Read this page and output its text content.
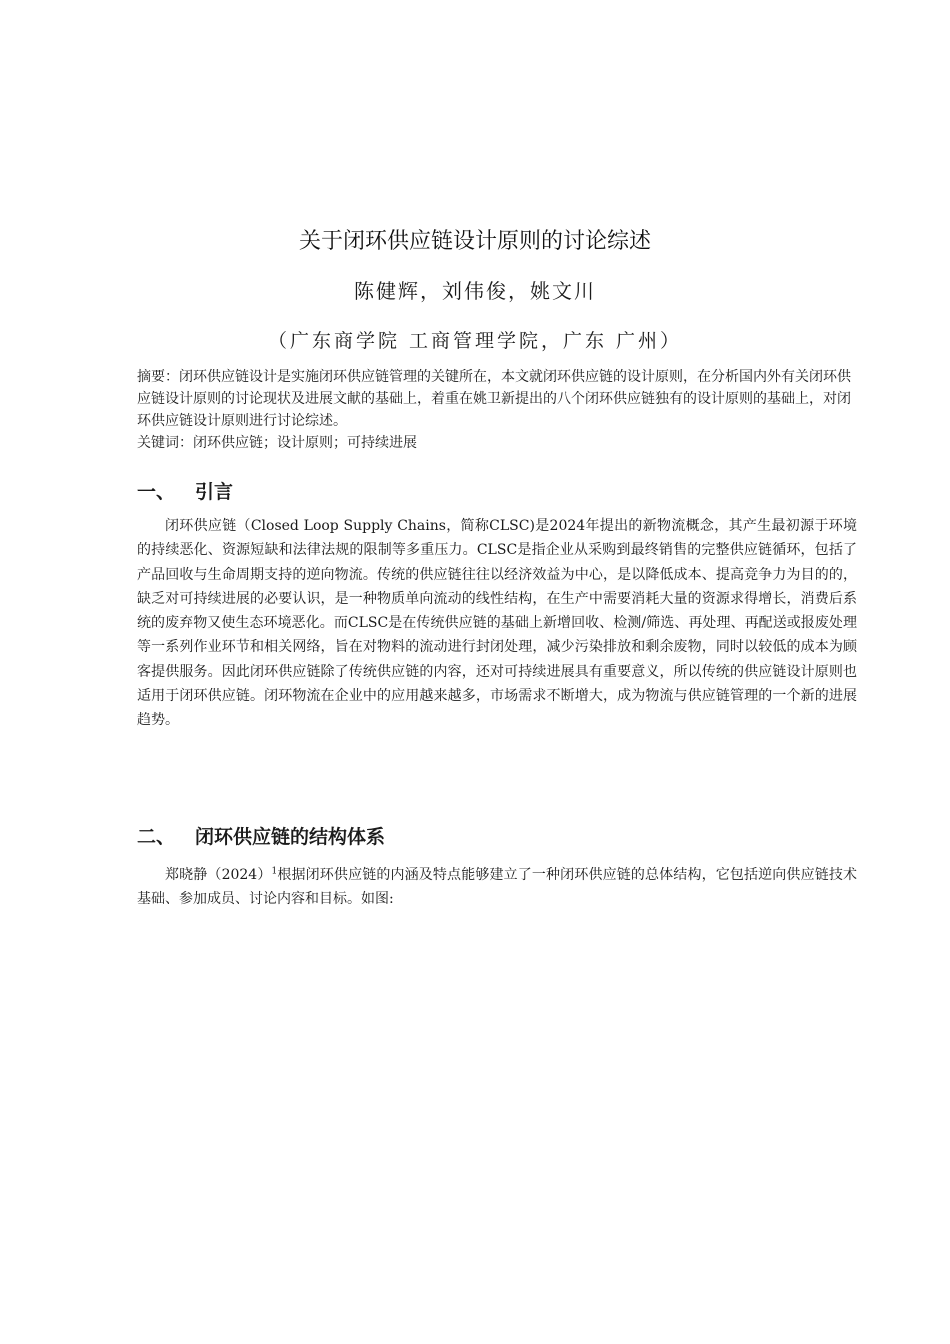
关于闭环供应链设计原则的讨论综述
陈健辉，刘伟俊，姚文川
（广东商学院 工商管理学院，广东 广州）

摘要：闭环供应链设计是实施闭环供应链管理的关键所在，本文就闭环供应链的设计原则，在分析国内外有关闭环供应链设计原则的讨论现状及进展文献的基础上，着重在姚卫新提出的八个闭环供应链独有的设计原则的基础上，对闭环供应链设计原则进行讨论综述。

关键词：闭环供应链；设计原则；可持续进展

一、 引言

闭环供应链（Closed Loop Supply Chains，简称CLSC)是2024年提出的新物流概念，其产生最初源于环境的持续恶化、资源短缺和法律法规的限制等多重压力。CLSC是指企业从采购到最终销售的完整供应链循环，包括了产品回收与生命周期支持的逆向物流。传统的供应链往往以经济效益为中心，是以降低成本、提高竞争力为目的的，缺乏对可持续进展的必要认识，是一种物质单向流动的线性结构，在生产中需要消耗大量的资源求得增长，消费后系统的废弃物又使生态环境恶化。而CLSC是在传统供应链的基础上新增回收、检测/筛选、再处理、再配送或报废处理等一系列作业环节和相关网络，旨在对物料的流动进行封闭处理，减少污染排放和剩余废物，同时以较低的成本为顾客提供服务。因此闭环供应链除了传统供应链的内容，还对可持续进展具有重要意义，所以传统的供应链设计原则也适用于闭环供应链。闭环物流在企业中的应用越来越多，市场需求不断增大，成为物流与供应链管理的一个新的进展趋势。

二、 闭环供应链的结构体系

郑晓静$(2024)^1$根据闭环供应链的内涵及特点能够建立了一种闭环供应链的总体结构，它包括逆向供应链技术基础、参加成员、讨论内容和目标。如图:
